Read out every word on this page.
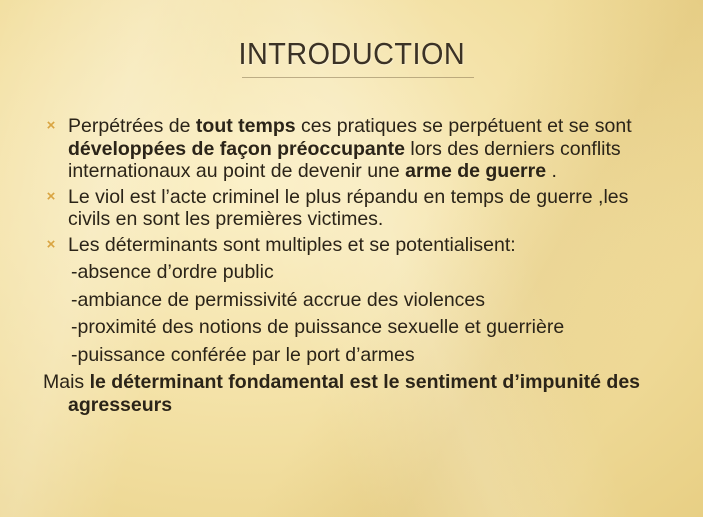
INTRODUCTION
× Perpétrées de tout temps ces pratiques se perpétuent et se sont développées de façon préoccupante lors des derniers conflits internationaux au point de devenir une arme de guerre .
× Le viol est l’acte criminel le plus répandu en temps de guerre ,les civils en sont les premières victimes.
× Les déterminants sont multiples et se potentialisent:
-absence d’ordre public
-ambiance de permissivité accrue des violences
-proximité des notions de puissance sexuelle et guerrière
-puissance conférée par le port d’armes
Mais le déterminant fondamental est le sentiment d’impunité des agresseurs
